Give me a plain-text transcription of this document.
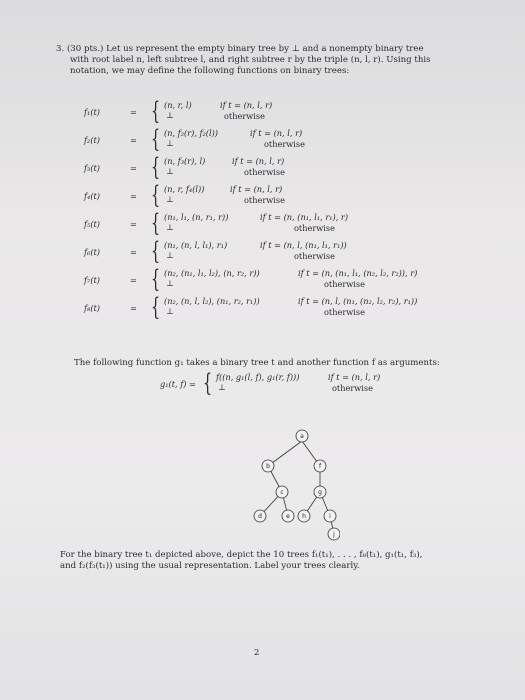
3. (30 pts.) Let us represent the empty binary tree by ⊥ and a nonempty binary tree
with root label n, left subtree l, and right subtree r by the triple (n, l, r). Using this
notation, we may define the following functions on binary trees:
f₁(t)	= { (n, r, l)
⊥
if t = (n, l, r)
otherwise
f₂(t)	= { (n, f₂(r), f₂(l))
⊥
if t = (n, l, r)
otherwise
f₃(t)	= { (n, f₃(r), l)
⊥
if t = (n, l, r)
otherwise
f₄(t)	= { (n, r, f₄(l))
⊥
if t = (n, l, r)
otherwise
f₅(t)	= { (n₁, l₁, (n, r₁, r))
⊥
if t = (n, (n₁, l₁, r₁), r)
otherwise
f₆(t)	= { (n₁, (n, l, l₁), r₁)
⊥
if t = (n, l, (n₁, l₁, r₁))
otherwise
f₇(t)	= { (n₂, (n₁, l₁, l₂), (n, r₂, r))
⊥
if t = (n, (n₁, l₁, (n₂, l₂, r₂)), r)
otherwise
f₈(t)	= { (n₂, (n, l, l₂), (n₁, r₂, r₁))
⊥
if t = (n, l, (n₁, (n₂, l₂, r₂), r₁))
otherwise
The following function g₁ takes a binary tree t and another function f as arguments:
g₁(t, f) = { f((n, g₁(l, f), g₁(r, f)))
⊥
if t = (n, l, r)
otherwise
a
b	f
c	g
d	e h	i
j
For the binary tree t₁ depicted above, depict the 10 trees f₁(t₁), . . . , f₈(t₁), g₁(t₁, f₃),
and f₂(f₃(t₁)) using the usual representation. Label your trees clearly.
2
